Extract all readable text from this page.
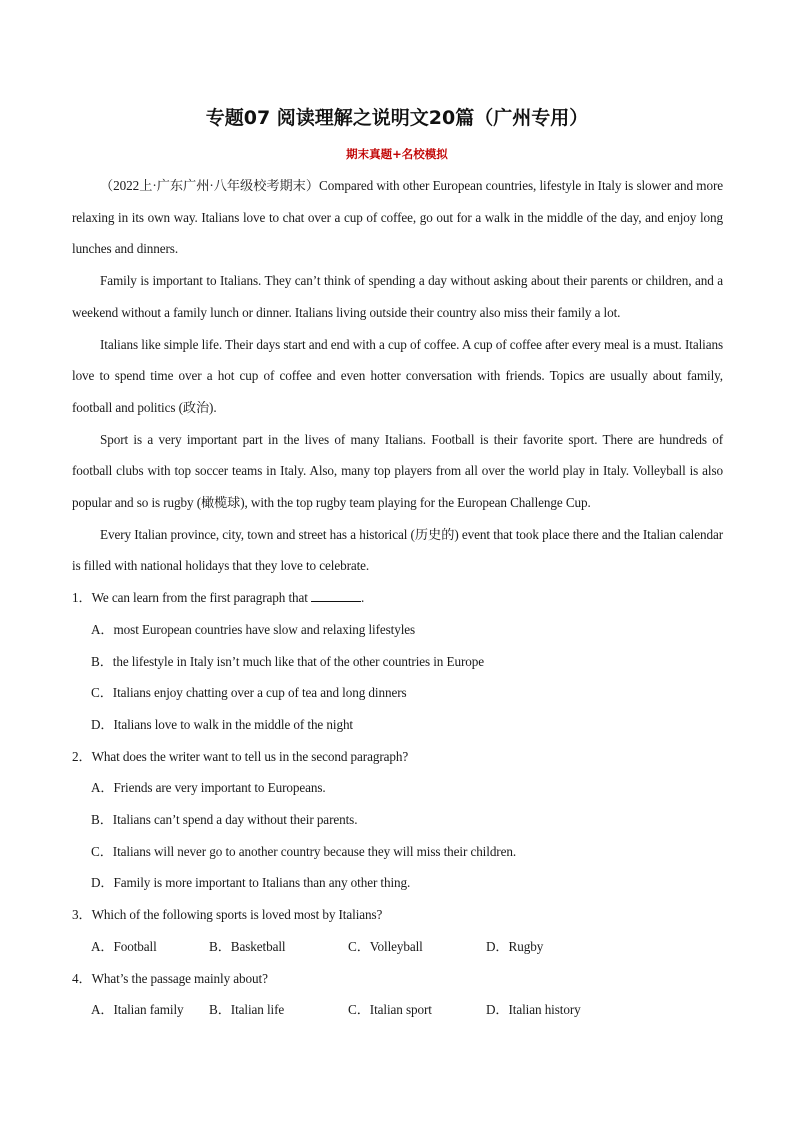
专题07 阅读理解之说明文20篇（广州专用）
期末真题+名校模拟

（2022上·广东广州·八年级校考期末）Compared with other European countries, lifestyle in Italy is slower and more relaxing in its own way. Italians love to chat over a cup of coffee, go out for a walk in the middle of the day, and enjoy long lunches and dinners.

Family is important to Italians. They can’t think of spending a day without asking about their parents or children, and a weekend without a family lunch or dinner. Italians living outside their country also miss their family a lot.

Italians like simple life. Their days start and end with a cup of coffee. A cup of coffee after every meal is a must. Italians love to spend time over a hot cup of coffee and even hotter conversation with friends. Topics are usually about family, football and politics (政治).

Sport is a very important part in the lives of many Italians. Football is their favorite sport. There are hundreds of football clubs with top soccer teams in Italy. Also, many top players from all over the world play in Italy. Volleyball is also popular and so is rugby (橄榄球), with the top rugby team playing for the European Challenge Cup.

Every Italian province, city, town and street has a historical (历史的) event that took place there and the Italian calendar is filled with national holidays that they love to celebrate.

1．We can learn from the first paragraph that	.

A．most European countries have slow and relaxing lifestyles

B．the lifestyle in Italy isn’t much like that of the other countries in Europe

C．Italians enjoy chatting over a cup of tea and long dinners

D．Italians love to walk in the middle of the night

2．What does the writer want to tell us in the second paragraph?

A．Friends are very important to Europeans.

B．Italians can’t spend a day without their parents.

C．Italians will never go to another country because they will miss their children.

D．Family is more important to Italians than any other thing.

3．Which of the following sports is loved most by Italians?

A．Football	B．Basketball	C．Volleyball	D．Rugby

4．What’s the passage mainly about?

A．Italian family	B．Italian life	C．Italian sport	D．Italian history
